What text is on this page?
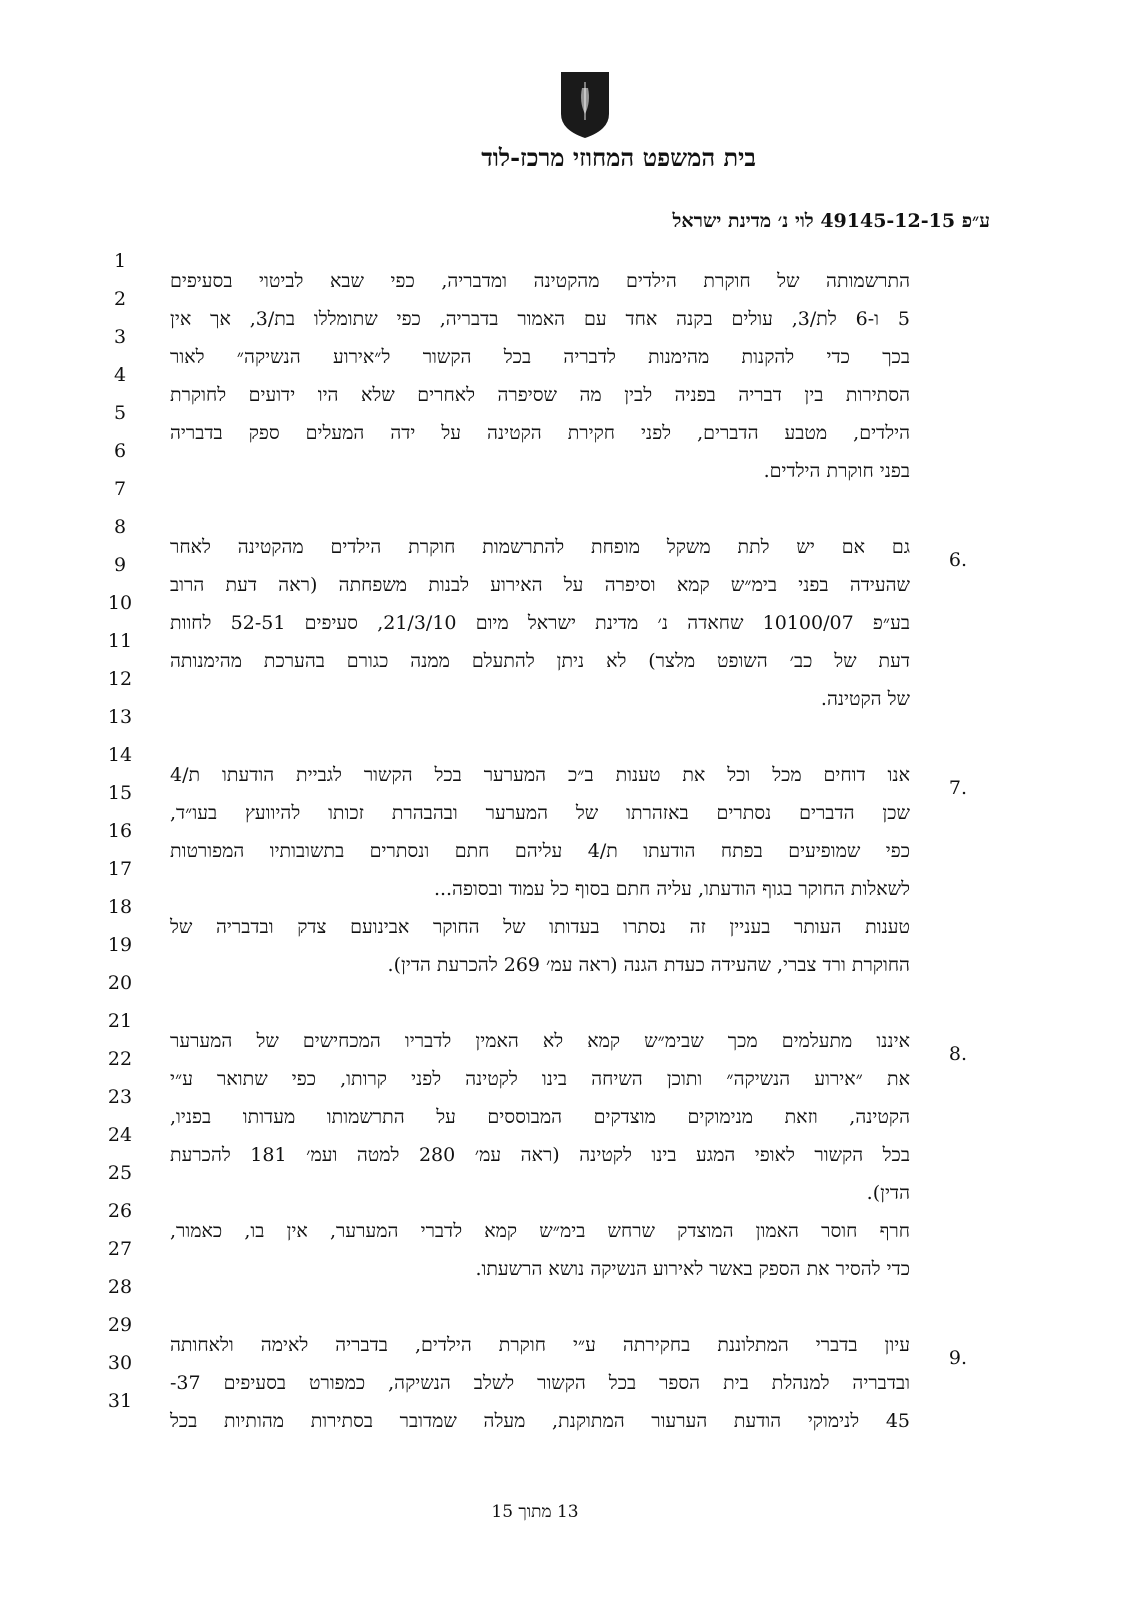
בית המשפט המחוזי מרכז-לוד
ע״פ 49145-12-15 לוי נ׳ מדינת ישראל
1
2
3
4
5
6
7
8
9
10
11
12
13
14
15
16
17
18
19
20
21
22
23
24
25
26
27
28
29
30
31
6.
7.
8.
9.
התרשמותה של חוקרת הילדים מהקטינה ומדבריה, כפי שבא לביטוי בסעיפים
5 ו-6 לת/3, עולים בקנה אחד עם האמור בדבריה, כפי שתומללו בת/3, אך אין
בכך כדי להקנות מהימנות לדבריה בכל הקשור ל״אירוע הנשיקה״ לאור
הסתירות בין דבריה בפניה לבין מה שסיפרה לאחרים שלא היו ידועים לחוקרת
הילדים, מטבע הדברים, לפני חקירת הקטינה על ידה המעלים ספק בדבריה
בפני חוקרת הילדים.
גם אם יש לתת משקל מופחת להתרשמות חוקרת הילדים מהקטינה לאחר
שהעידה בפני בימ״ש קמא וסיפרה על האירוע לבנות משפחתה (ראה דעת הרוב
בע״פ 10100/07 שחאדה נ׳ מדינת ישראל מיום 21/3/10, סעיפים 52-51 לחוות
דעת של כב׳ השופט מלצר) לא ניתן להתעלם ממנה כגורם בהערכת מהימנותה
של הקטינה.
אנו דוחים מכל וכל את טענות ב״כ המערער בכל הקשור לגביית הודעתו ת/4
שכן הדברים נסתרים באזהרתו של המערער ובהבהרת זכותו להיוועץ בעו״ד,
כפי שמופיעים בפתח הודעתו ת/4 עליהם חתם ונסתרים בתשובותיו המפורטות
לשאלות החוקר בגוף הודעתו, עליה חתם בסוף כל עמוד ובסופה...
טענות העותר בעניין זה נסתרו בעדותו של החוקר אבינועם צדק ובדבריה של
החוקרת ורד צברי, שהעידה כעדת הגנה (ראה עמ׳ 269 להכרעת הדין).
איננו מתעלמים מכך שבימ״ש קמא לא האמין לדבריו המכחישים של המערער
את ״אירוע הנשיקה״ ותוכן השיחה בינו לקטינה לפני קרותו, כפי שתואר ע״י
הקטינה, וזאת מנימוקים מוצדקים המבוססים על התרשמותו מעדותו בפניו,
בכל הקשור לאופי המגע בינו לקטינה (ראה עמ׳ 280 למטה ועמ׳ 181 להכרעת
הדין).
חרף חוסר האמון המוצדק שרחש בימ״ש קמא לדברי המערער, אין בו, כאמור,
כדי להסיר את הספק באשר לאירוע הנשיקה נושא הרשעתו.
עיון בדברי המתלוננת בחקירתה ע״י חוקרת הילדים, בדבריה לאימה ולאחותה
ובדבריה למנהלת בית הספר בכל הקשור לשלב הנשיקה, כמפורט בסעיפים 37-
45 לנימוקי הודעת הערעור המתוקנת, מעלה שמדובר בסתירות מהותיות בכל
13 מתוך 15
